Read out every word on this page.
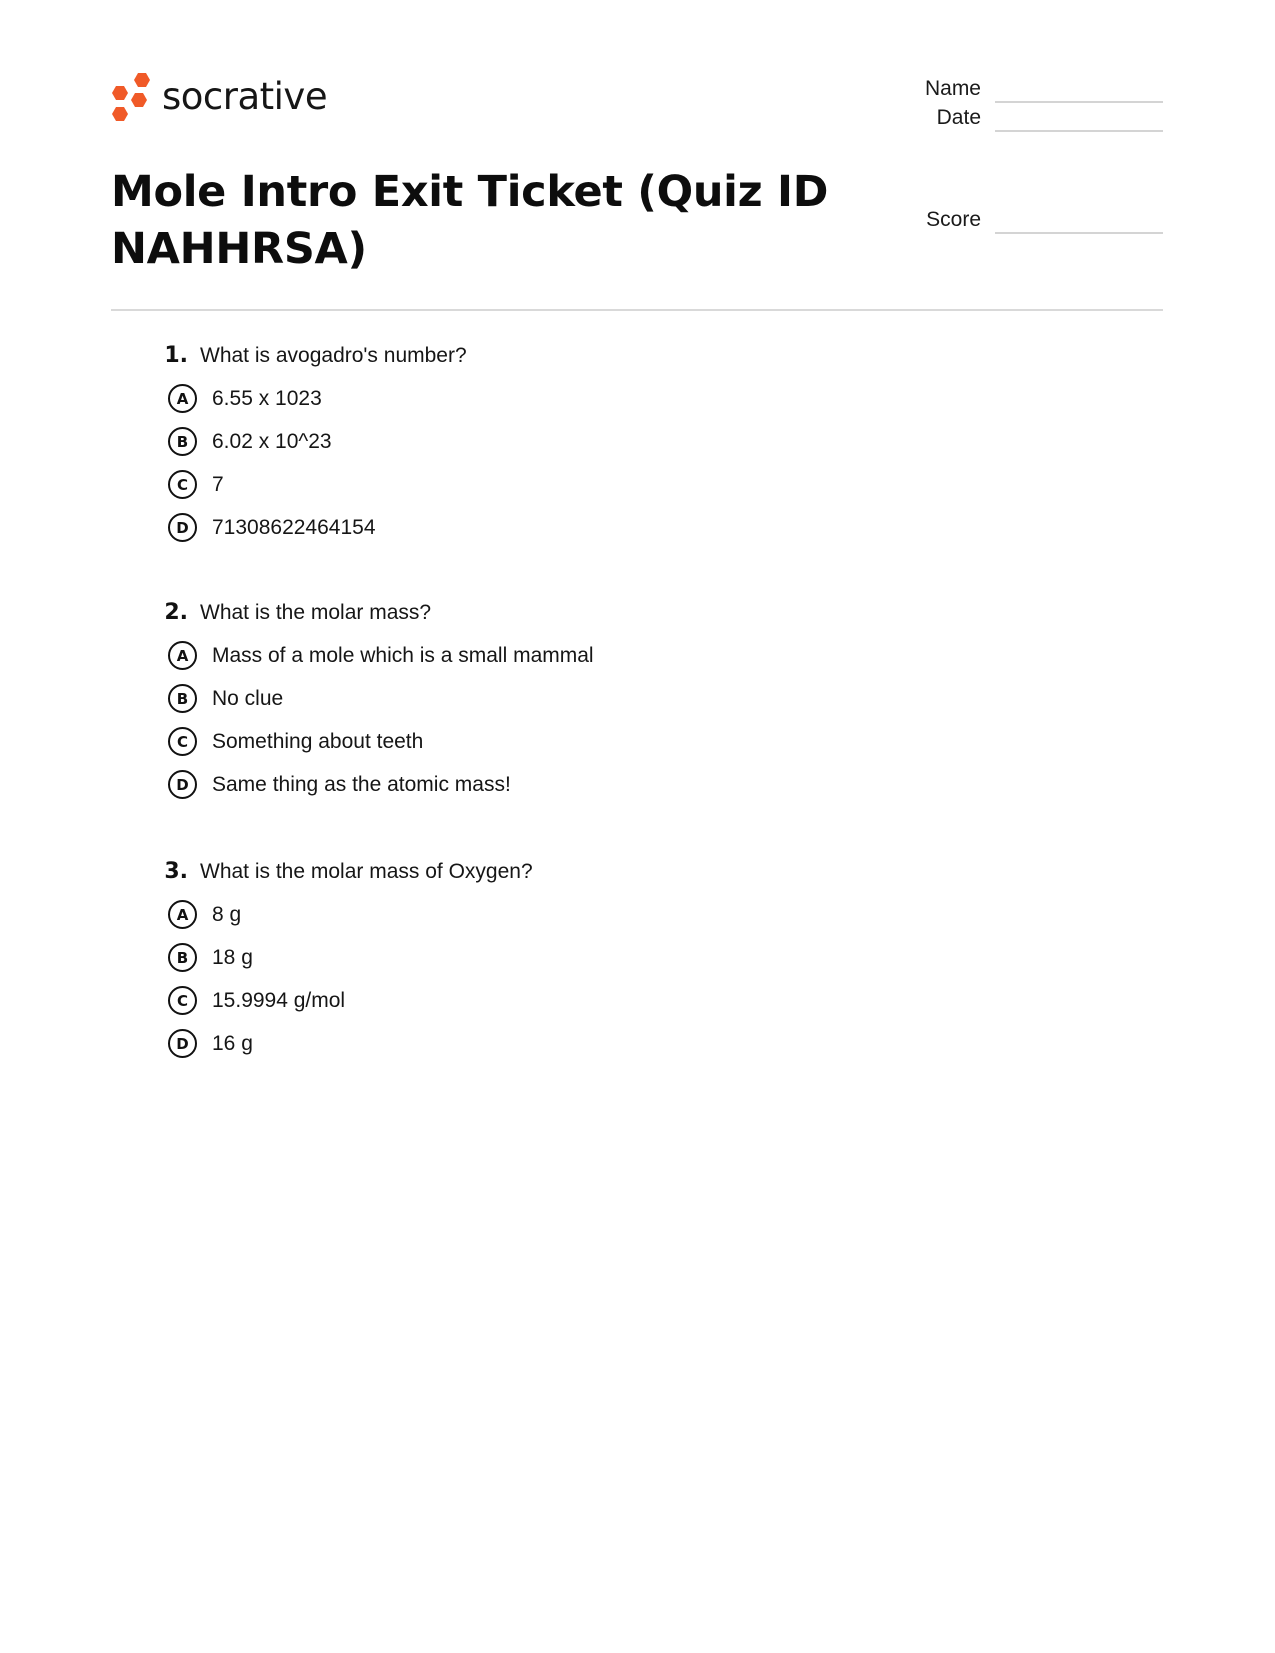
socrative	Name
Date
Score
Mole Intro Exit Ticket (Quiz ID NAHHRSA)
1. What is avogadro's number?
A	6.55 x 1023
B	6.02 x 10^23
C	7
D	71308622464154
2. What is the molar mass?
A	Mass of a mole which is a small mammal
B	No clue
C	Something about teeth
D	Same thing as the atomic mass!
3. What is the molar mass of Oxygen?
A	8 g
B	18 g
C	15.9994 g/mol
D	16 g
